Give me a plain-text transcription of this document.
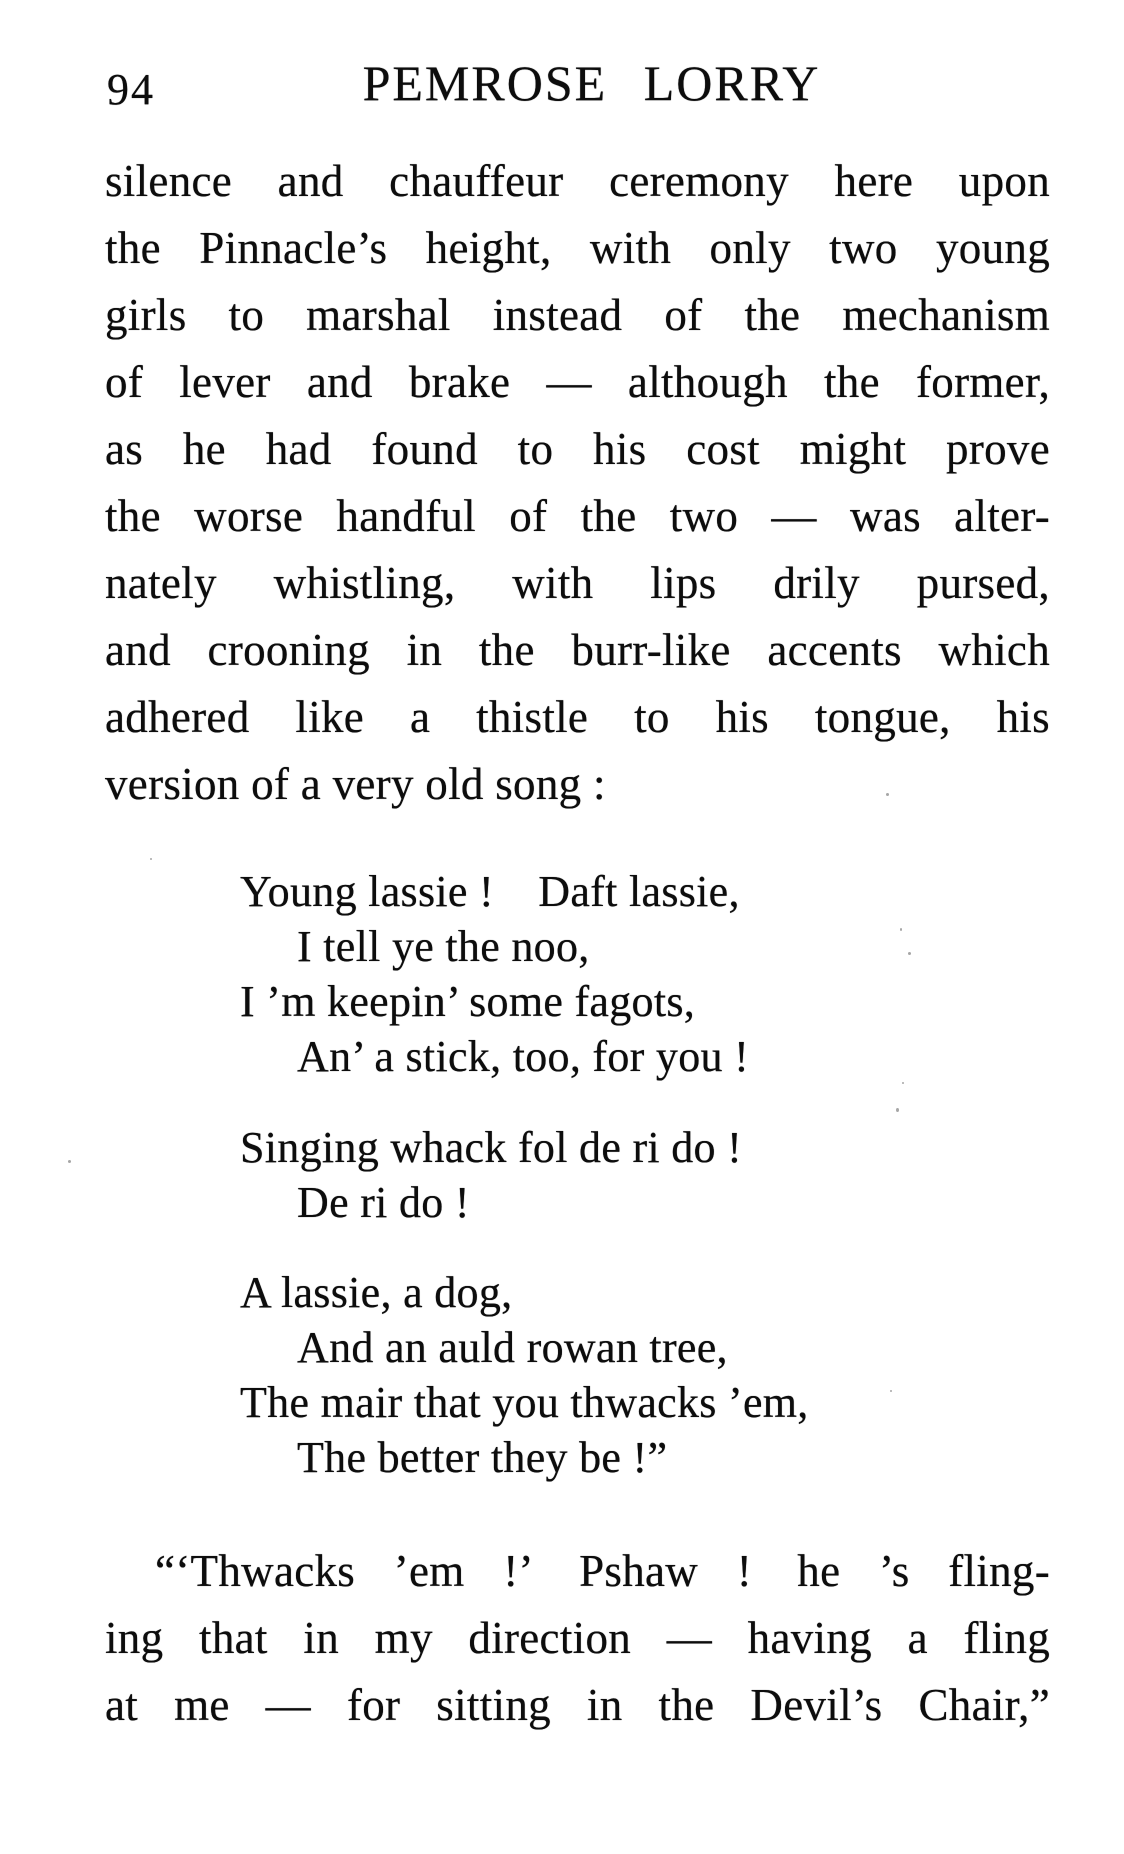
94	PEMROSE LORRY
silence and chauffeur ceremony here upon
the Pinnacle’s height, with only two young
girls to marshal instead of the mechanism
of lever and brake — although the former,
as he had found to his cost might prove
the worse handful of the two — was alter-
nately whistling, with lips drily pursed,
and crooning in the burr-like accents which
adhered like a thistle to his tongue, his
version of a very old song :
Young lassie ! Daft lassie,
I tell ye the noo,
I ’m keepin’ some fagots,
An’ a stick, too, for you !
Singing whack fol de ri do !
De ri do !
A lassie, a dog,
And an auld rowan tree,
The mair that you thwacks ’em,
The better they be !”
“‘Thwacks ’em !’ Pshaw ! he ’s fling-
ing that in my direction — having a fling
at me — for sitting in the Devil’s Chair,”
